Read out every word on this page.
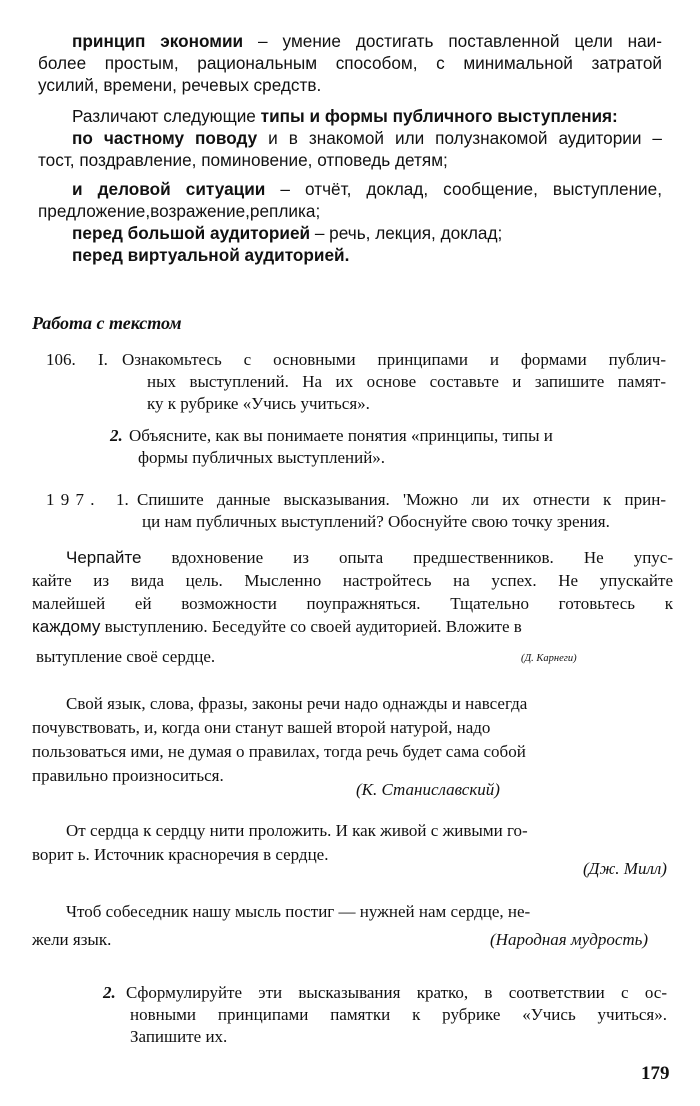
принцип экономии – умение достигать поставленной цели наи-
более простым, рациональным способом, с минимальной затратой
усилий, времени, речевых средств.
Различают следующие типы и формы публичного выступления:
по частному поводу и в знакомой или полузнакомой аудитории –
тост, поздравление, поминовение, отповедь детям;
и деловой ситуации – отчёт, доклад, сообщение, выступление,
предложение,возражение,реплика;
перед большой аудиторией – речь, лекция, доклад;
перед виртуальной аудиторией.
Работа с текстом
106. I. Ознакомьтесь с основными принципами и формами публич-
ных выступлений. На их основе составьте и запишите памят-
ку к рубрике «Учись учиться».
2. Объясните, как вы понимаете понятия «принципы, типы и
формы публичных выступлений».
1 9 7 . 1. Спишите данные высказывания. 'Можно ли их отнести к прин-
ци нам публичных выступлений? Обоснуйте свою точку зрения.
Черпайте вдохновение из опыта предшественников. Не упус-
кайте из вида цель. Мысленно настройтесь на успех. Не упускайте
малейшей ей возможности поупражняться. Тщательно готовьтесь к
каждому выступлению. Беседуйте со своей аудиторией. Вложите в
вытупление своё сердце.	(Д. Карнеги)
Свой язык, слова, фразы, законы речи надо однажды и навсегда
почувствовать, и, когда они станут вашей второй натурой, надо
пользоваться ими, не думая о правилах, тогда речь будет сама собой
правильно произноситься.
(К. Станиславский)
От сердца к сердцу нити проложить. И как живой с живыми го-
ворит ь. Источник красноречия в сердце.
(Дж. Милл)
Чтоб собеседник нашу мысль постиг — нужней нам сердце, не-
жели язык.	(Народная мудрость)
2. Сформулируйте эти высказывания кратко, в соответствии с ос-
новными принципами памятки к рубрике «Учись учиться».
Запишите их.
179
